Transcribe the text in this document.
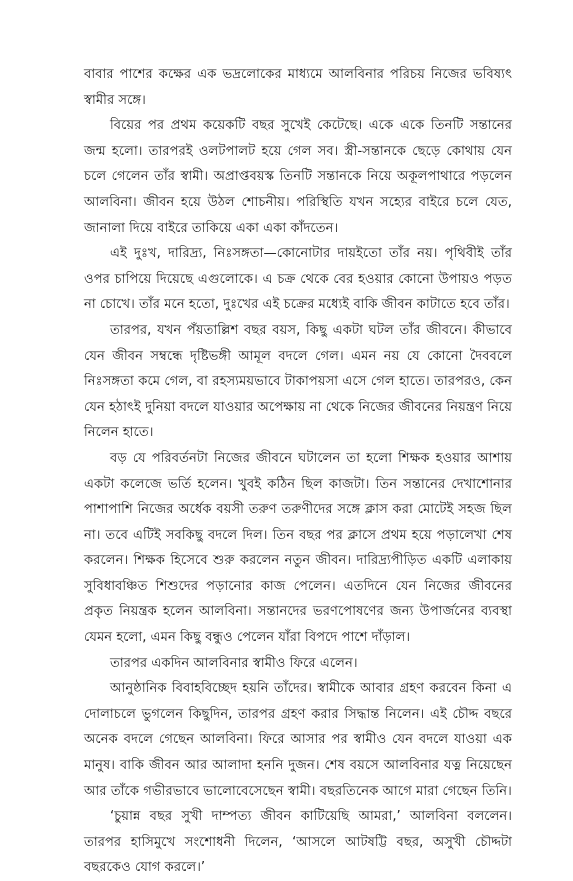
বাবার পাশের কক্ষের এক ভদ্রলোকের মাধ্যমে আলবিনার পরিচয় নিজের ভবিষ্যৎ স্বামীর সঙ্গে।

বিয়ের পর প্রথম কয়েকটি বছর সুখেই কেটেছে। একে একে তিনটি সন্তানের জন্ম হলো। তারপরই ওলটপালট হয়ে গেল সব। স্ত্রী-সন্তানকে ছেড়ে কোথায় যেন চলে গেলেন তাঁর স্বামী। অপ্রাপ্তবয়স্ক তিনটি সন্তানকে নিয়ে অকূলপাথারে পড়লেন আলবিনা। জীবন হয়ে উঠল শোচনীয়। পরিস্থিতি যখন সহ্যের বাইরে চলে যেত, জানালা দিয়ে বাইরে তাকিয়ে একা একা কাঁদতেন।

এই দুঃখ, দারিদ্র্য, নিঃসঙ্গতা—কোনোটার দায়ইতো তাঁর নয়। পৃথিবীই তাঁর ওপর চাপিয়ে দিয়েছে এগুলোকে। এ চক্র থেকে বের হওয়ার কোনো উপায়ও পড়ত না চোখে। তাঁর মনে হতো, দুঃখের এই চক্রের মধ্যেই বাকি জীবন কাটাতে হবে তাঁর।

তারপর, যখন পঁয়তাল্লিশ বছর বয়স, কিছু একটা ঘটল তাঁর জীবনে। কীভাবে যেন জীবন সম্বন্ধে দৃষ্টিভঙ্গী আমূল বদলে গেল। এমন নয় যে কোনো দৈববলে নিঃসঙ্গতা কমে গেল, বা রহস্যময়ভাবে টাকাপয়সা এসে গেল হাতে। তারপরও, কেন যেন হঠাৎই দুনিয়া বদলে যাওয়ার অপেক্ষায় না থেকে নিজের জীবনের নিয়ন্ত্রণ নিয়ে নিলেন হাতে।

বড় যে পরিবর্তনটা নিজের জীবনে ঘটালেন তা হলো শিক্ষক হওয়ার আশায় একটা কলেজে ভর্তি হলেন। খুবই কঠিন ছিল কাজটা। তিন সন্তানের দেখাশোনার পাশাপাশি নিজের অর্ধেক বয়সী তরুণ তরুণীদের সঙ্গে ক্লাস করা মোটেই সহজ ছিল না। তবে এটিই সবকিছু বদলে দিল। তিন বছর পর ক্লাসে প্রথম হয়ে পড়ালেখা শেষ করলেন। শিক্ষক হিসেবে শুরু করলেন নতুন জীবন। দারিদ্র্যপীড়িত একটি এলাকায় সুবিধাবঞ্চিত শিশুদের পড়ানোর কাজ পেলেন। এতদিনে যেন নিজের জীবনের প্রকৃত নিয়ন্ত্রক হলেন আলবিনা। সন্তানদের ভরণপোষণের জন্য উপার্জনের ব্যবস্থা যেমন হলো, এমন কিছু বন্ধুও পেলেন যাঁরা বিপদে পাশে দাঁড়াল।

তারপর একদিন আলবিনার স্বামীও ফিরে এলেন।

আনুষ্ঠানিক বিবাহবিচ্ছেদ হয়নি তাঁদের। স্বামীকে আবার গ্রহণ করবেন কিনা এ দোলাচলে ভুগলেন কিছুদিন, তারপর গ্রহণ করার সিদ্ধান্ত নিলেন। এই চৌদ্দ বছরে অনেক বদলে গেছেন আলবিনা। ফিরে আসার পর স্বামীও যেন বদলে যাওয়া এক মানুষ। বাকি জীবন আর আলাদা হননি দুজন। শেষ বয়সে আলবিনার যত্ন নিয়েছেন আর তাঁকে গভীরভাবে ভালোবেসেছেন স্বামী। বছরতিনেক আগে মারা গেছেন তিনি।

‘চুয়ান্ন বছর সুখী দাম্পত্য জীবন কাটিয়েছি আমরা,’ আলবিনা বললেন। তারপর হাসিমুখে সংশোধনী দিলেন, ‘আসলে আটষট্টি বছর, অসুখী চৌদ্দটা বছরকেও যোগ করলে।’
